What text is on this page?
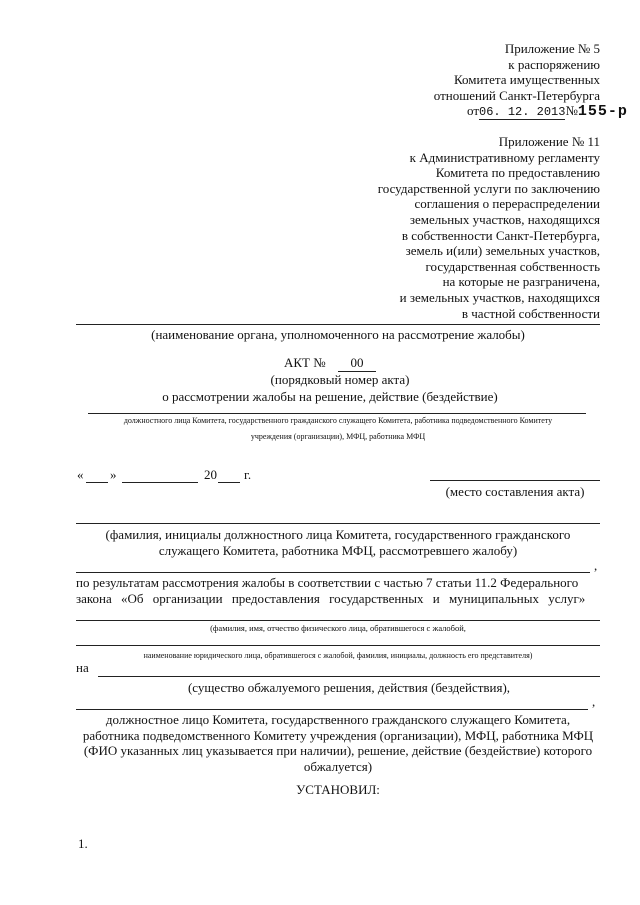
Приложение № 5
к распоряжению
Комитета имущественных
отношений Санкт-Петербурга
от06. 12. 2013№155-р
Приложение № 11
к Административному регламенту
Комитета по предоставлению
государственной услуги по заключению
соглашения о перераспределении
земельных участков, находящихся
в собственности Санкт-Петербурга,
земель и(или) земельных участков,
государственная собственность
на которые не разграничена,
и земельных участков, находящихся
в частной собственности
(наименование органа, уполномоченного на рассмотрение жалобы)
АКТ №	00
(порядковый номер акта)
о рассмотрении жалобы на решение, действие (бездействие)
должностного лица Комитета, государственного гражданского служащего Комитета, работника подведомственного Комитету
учреждения (организации), МФЦ, работника МФЦ
« »	20 г.
(место составления акта)
(фамилия, инициалы должностного лица Комитета, государственного гражданского
служащего Комитета, работника МФЦ, рассмотревшего жалобу)
,
по результатам рассмотрения жалобы в соответствии с частью 7 статьи 11.2 Федерального
закона «Об организации предоставления государственных и муниципальных услуг»
(фамилия, имя, отчество физического лица, обратившегося с жалобой,
наименование юридического лица, обратившегося с жалобой, фамилия, инициалы, должность его представителя)
на
(существо обжалуемого решения, действия (бездействия),
,
должностное лицо Комитета, государственного гражданского служащего Комитета,
работника подведомственного Комитету учреждения (организации), МФЦ, работника МФЦ
(ФИО указанных лиц указывается при наличии), решение, действие (бездействие) которого
обжалуется)
УСТАНОВИЛ:
1.
